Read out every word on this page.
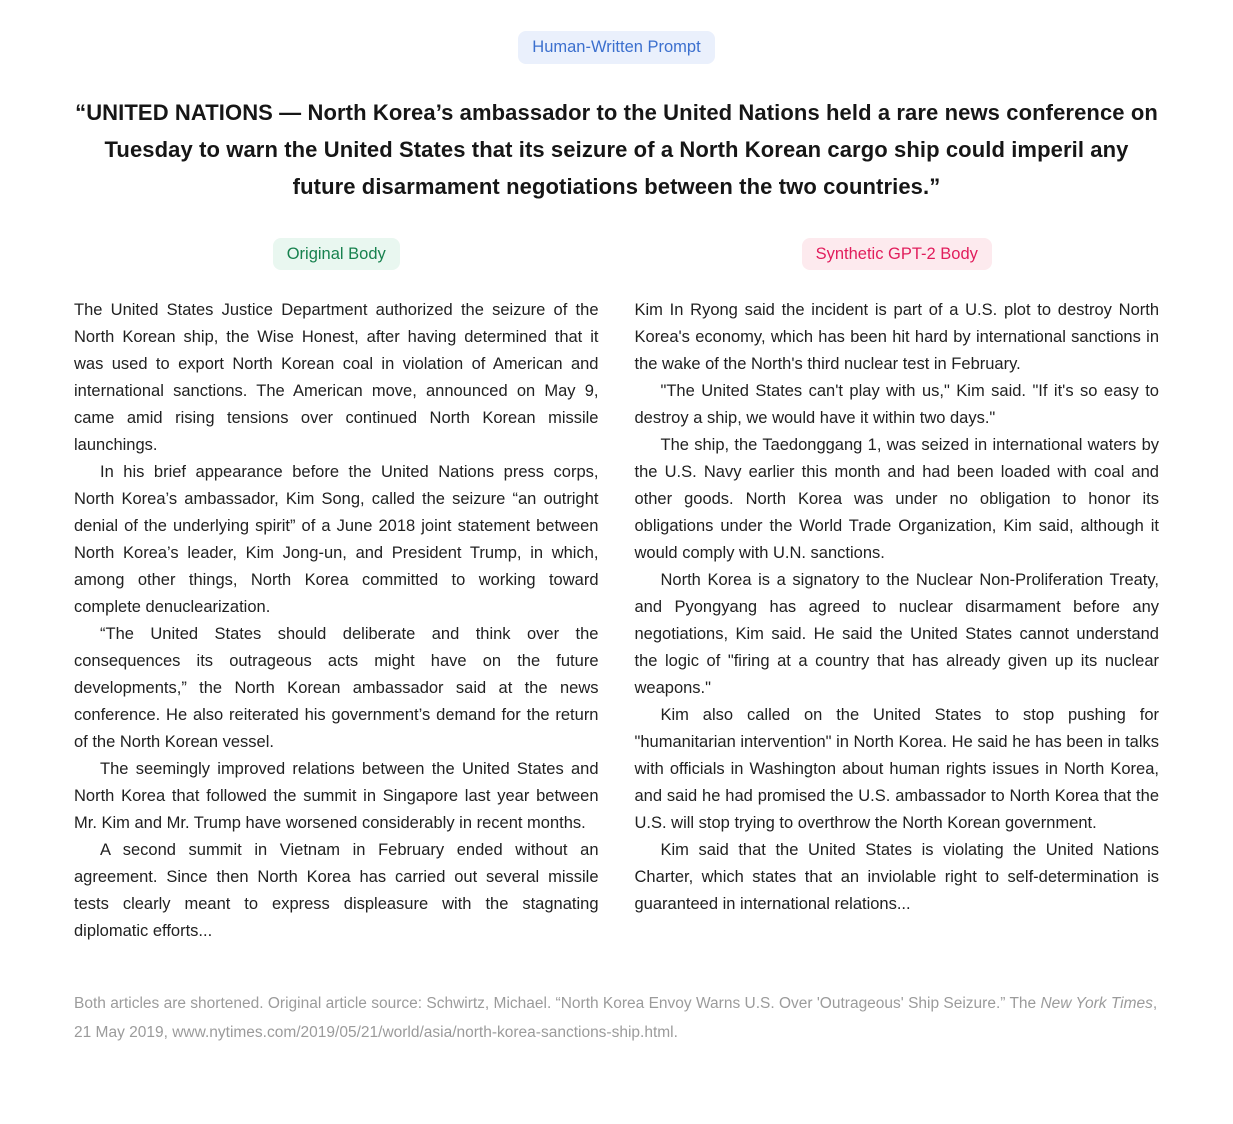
Human-Written Prompt
“UNITED NATIONS — North Korea’s ambassador to the United Nations held a rare news conference on Tuesday to warn the United States that its seizure of a North Korean cargo ship could imperil any future disarmament negotiations between the two countries.”
Original Body

The United States Justice Department authorized the seizure of the North Korean ship, the Wise Honest, after having determined that it was used to export North Korean coal in violation of American and international sanctions. The American move, announced on May 9, came amid rising tensions over continued North Korean missile launchings.

In his brief appearance before the United Nations press corps, North Korea’s ambassador, Kim Song, called the seizure “an outright denial of the underlying spirit” of a June 2018 joint statement between North Korea’s leader, Kim Jong-un, and President Trump, in which, among other things, North Korea committed to working toward complete denuclearization.

“The United States should deliberate and think over the consequences its outrageous acts might have on the future developments,” the North Korean ambassador said at the news conference. He also reiterated his government’s demand for the return of the North Korean vessel.

The seemingly improved relations between the United States and North Korea that followed the summit in Singapore last year between Mr. Kim and Mr. Trump have worsened considerably in recent months.

A second summit in Vietnam in February ended without an agreement. Since then North Korea has carried out several missile tests clearly meant to express displeasure with the stagnating diplomatic efforts...

Synthetic GPT-2 Body

Kim In Ryong said the incident is part of a U.S. plot to destroy North Korea's economy, which has been hit hard by international sanctions in the wake of the North's third nuclear test in February.

"The United States can't play with us," Kim said. "If it's so easy to destroy a ship, we would have it within two days."

The ship, the Taedonggang 1, was seized in international waters by the U.S. Navy earlier this month and had been loaded with coal and other goods. North Korea was under no obligation to honor its obligations under the World Trade Organization, Kim said, although it would comply with U.N. sanctions.

North Korea is a signatory to the Nuclear Non-Proliferation Treaty, and Pyongyang has agreed to nuclear disarmament before any negotiations, Kim said. He said the United States cannot understand the logic of "firing at a country that has already given up its nuclear weapons."

Kim also called on the United States to stop pushing for "humanitarian intervention" in North Korea. He said he has been in talks with officials in Washington about human rights issues in North Korea, and said he had promised the U.S. ambassador to North Korea that the U.S. will stop trying to overthrow the North Korean government.

Kim said that the United States is violating the United Nations Charter, which states that an inviolable right to self-determination is guaranteed in international relations...

Both articles are shortened. Original article source: Schwirtz, Michael. “North Korea Envoy Warns U.S. Over 'Outrageous' Ship Seizure.” The New York Times, 21 May 2019, www.nytimes.com/2019/05/21/world/asia/north-korea-sanctions-ship.html.
